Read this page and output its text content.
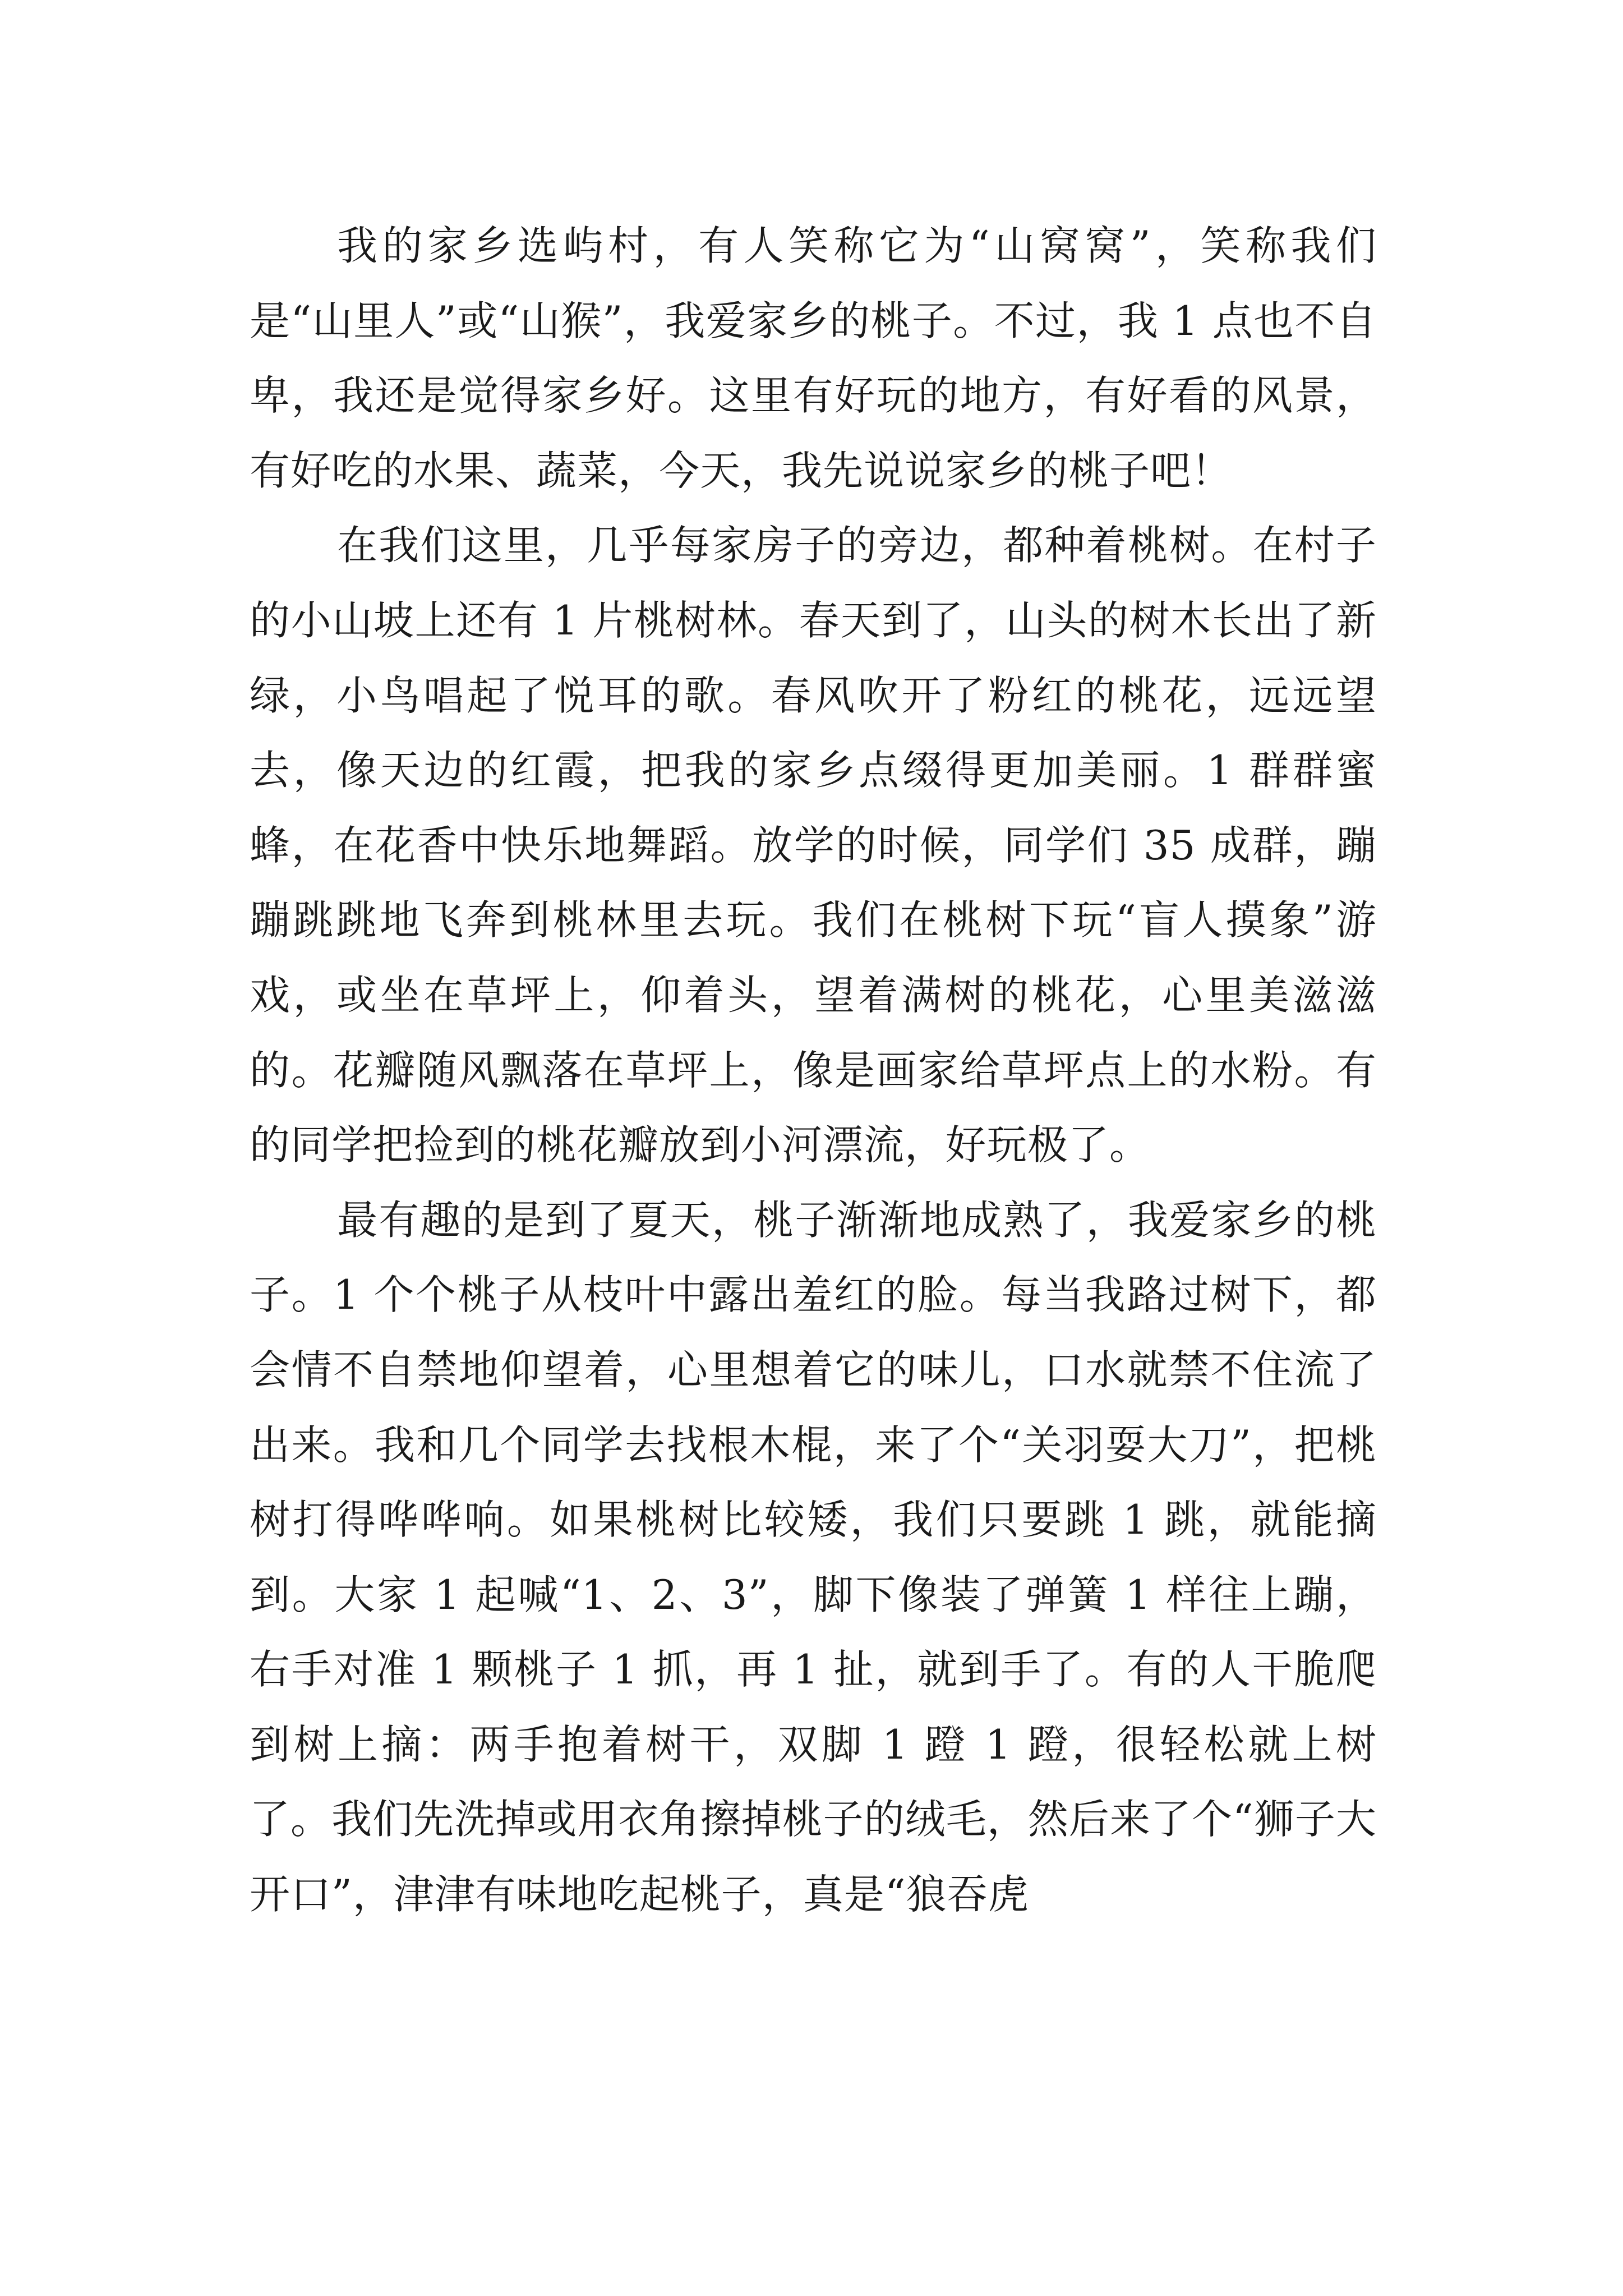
我的家乡选屿村，有人笑称它为“山窝窝”，笑称我们是“山里人”或“山猴”，我爱家乡的桃子。不过，我 1 点也不自卑，我还是觉得家乡好。这里有好玩的地方，有好看的风景，有好吃的水果、蔬菜，今天，我先说说家乡的桃子吧！

在我们这里，几乎每家房子的旁边，都种着桃树。在村子的小山坡上还有 1 片桃树林。春天到了，山头的树木长出了新绿，小鸟唱起了悦耳的歌。春风吹开了粉红的桃花，远远望去，像天边的红霞，把我的家乡点缀得更加美丽。1 群群蜜蜂，在花香中快乐地舞蹈。放学的时候，同学们 35 成群，蹦蹦跳跳地飞奔到桃林里去玩。我们在桃树下玩“盲人摸象”游戏，或坐在草坪上，仰着头，望着满树的桃花，心里美滋滋的。花瓣随风飘落在草坪上，像是画家给草坪点上的水粉。有的同学把捡到的桃花瓣放到小河漂流，好玩极了。

最有趣的是到了夏天，桃子渐渐地成熟了，我爱家乡的桃子。1 个个桃子从枝叶中露出羞红的脸。每当我路过树下，都会情不自禁地仰望着，心里想着它的味儿，口水就禁不住流了出来。我和几个同学去找根木棍，来了个“关羽耍大刀”，把桃树打得哗哗响。如果桃树比较矮，我们只要跳 1 跳，就能摘到。大家 1 起喊“1、2、3”，脚下像装了弹簧 1 样往上蹦，右手对准 1 颗桃子 1 抓，再 1 扯，就到手了。有的人干脆爬到树上摘：两手抱着树干，双脚 1 蹬 1 蹬，很轻松就上树了。我们先洗掉或用衣角擦掉桃子的绒毛，然后来了个“狮子大开口”，津津有味地吃起桃子，真是“狼吞虎
